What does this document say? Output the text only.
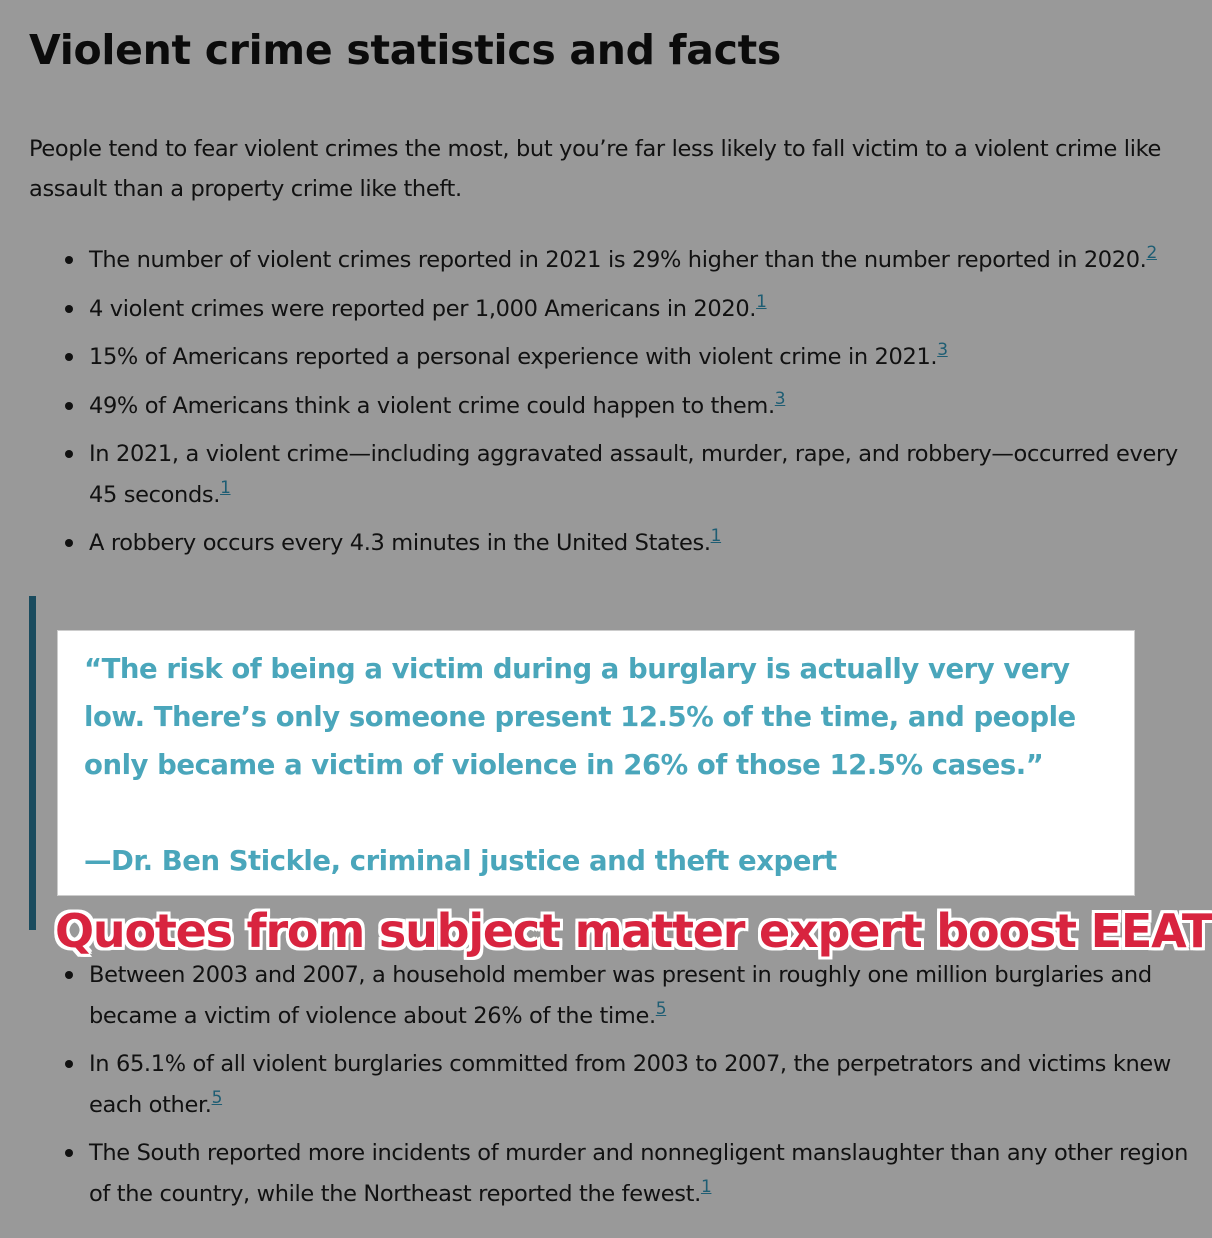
Violent crime statistics and facts

People tend to fear violent crimes the most, but you’re far less likely to fall victim to a violent crime like assault than a property crime like theft.

The number of violent crimes reported in 2021 is 29% higher than the number reported in 2020.$^2$
4 violent crimes were reported per 1,000 Americans in 2020.$^1$
15% of Americans reported a personal experience with violent crime in 2021.$^3$
49% of Americans think a violent crime could happen to them.$^3$
In 2021, a violent crime—including aggravated assault, murder, rape, and robbery—occurred every 45 seconds.$^1$
A robbery occurs every 4.3 minutes in the United States.$^1$

“The risk of being a victim during a burglary is actually very very low. There’s only someone present 12.5% of the time, and people only became a victim of violence in 26% of those 12.5% cases.”

—Dr. Ben Stickle, criminal justice and theft expert

Between 2003 and 2007, a household member was present in roughly one million burglaries and became a victim of violence about 26% of the time.$^5$
In 65.1% of all violent burglaries committed from 2003 to 2007, the perpetrators and victims knew each other.$^5$
The South reported more incidents of murder and nonnegligent manslaughter than any other region of the country, while the Northeast reported the fewest.$^1$

Quotes from subject matter expert boost EEAT
